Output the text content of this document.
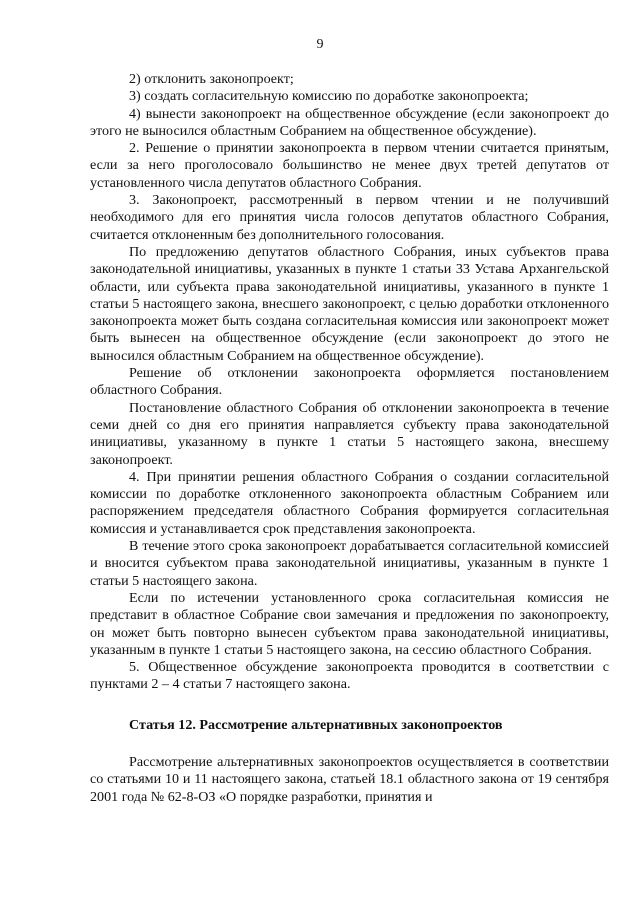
9

2) отклонить законопроект;

3) создать согласительную комиссию по доработке законопроекта;

4) вынести законопроект на общественное обсуждение (если законопроект до этого не выносился областным Собранием на общественное обсуждение).

2. Решение о принятии законопроекта в первом чтении считается принятым, если за него проголосовало большинство не менее двух третей депутатов от установленного числа депутатов областного Собрания.

3. Законопроект, рассмотренный в первом чтении и не получивший необходимого для его принятия числа голосов депутатов областного Собрания, считается отклоненным без дополнительного голосования.

По предложению депутатов областного Собрания, иных субъектов права законодательной инициативы, указанных в пункте 1 статьи 33 Устава Архангельской области, или субъекта права законодательной инициативы, указанного в пункте 1 статьи 5 настоящего закона, внесшего законопроект, с целью доработки отклоненного законопроекта может быть создана согласительная комиссия или законопроект может быть вынесен на общественное обсуждение (если законопроект до этого не выносился областным Собранием на общественное обсуждение).

Решение об отклонении законопроекта оформляется постановлением областного Собрания.

Постановление областного Собрания об отклонении законопроекта в течение семи дней со дня его принятия направляется субъекту права законодательной инициативы, указанному в пункте 1 статьи 5 настоящего закона, внесшему законопроект.

4. При принятии решения областного Собрания о создании согласительной комиссии по доработке отклоненного законопроекта областным Собранием или распоряжением председателя областного Собрания формируется согласительная комиссия и устанавливается срок представления законопроекта.

В течение этого срока законопроект дорабатывается согласительной комиссией и вносится субъектом права законодательной инициативы, указанным в пункте 1 статьи 5 настоящего закона.

Если по истечении установленного срока согласительная комиссия не представит в областное Собрание свои замечания и предложения по законопроекту, он может быть повторно вынесен субъектом права законодательной инициативы, указанным в пункте 1 статьи 5 настоящего закона, на сессию областного Собрания.

5. Общественное обсуждение законопроекта проводится в соответствии с пунктами 2 – 4 статьи 7 настоящего закона.

Статья 12. Рассмотрение альтернативных законопроектов

Рассмотрение альтернативных законопроектов осуществляется в соответствии со статьями 10 и 11 настоящего закона, статьей 18.1 областного закона от 19 сентября 2001 года № 62-8-ОЗ «О порядке разработки, принятия и
